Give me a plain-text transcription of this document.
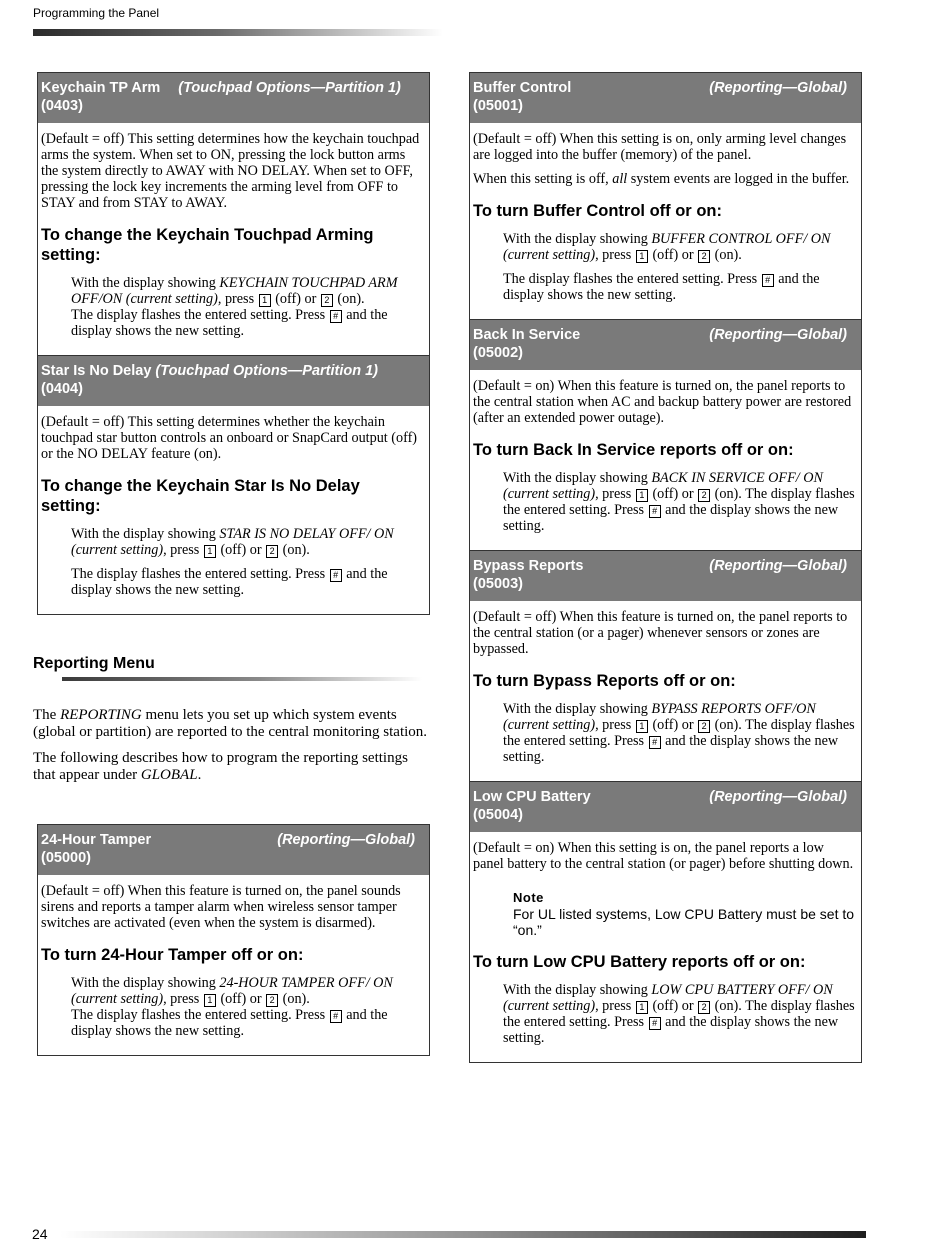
Programming the Panel
Keychain TP Arm (Touchpad Options—Partition 1)
(0403)

(Default = off) This setting determines how the keychain touchpad arms the system. When set to ON, pressing the lock button arms the system directly to AWAY with NO DELAY. When set to OFF, pressing the lock key increments the arming level from OFF to STAY and from STAY to AWAY.

To change the Keychain Touchpad Arming setting:

With the display showing KEYCHAIN TOUCHPAD ARM OFF/ON (current setting), press 1 (off) or 2 (on).

The display flashes the entered setting. Press # and the display shows the new setting.

Star Is No Delay (Touchpad Options—Partition 1)
(0404)

(Default = off) This setting determines whether the keychain touchpad star button controls an onboard or SnapCard output (off) or the NO DELAY feature (on).

To change the Keychain Star Is No Delay setting:

With the display showing STAR IS NO DELAY OFF/ ON (current setting), press 1 (off) or 2 (on).

The display flashes the entered setting. Press # and the display shows the new setting.

Reporting Menu

The REPORTING menu lets you set up which system events (global or partition) are reported to the central monitoring station.

The following describes how to program the reporting settings that appear under GLOBAL.

24-Hour Tamper	(Reporting—Global)
(05000)

(Default = off) When this feature is turned on, the panel sounds sirens and reports a tamper alarm when wireless sensor tamper switches are activated (even when the system is disarmed).

To turn 24-Hour Tamper off or on:

With the display showing 24-HOUR TAMPER OFF/ ON (current setting), press 1 (off) or 2 (on).

The display flashes the entered setting. Press # and the display shows the new setting.

Buffer Control	(Reporting—Global)
(05001)

(Default = off) When this setting is on, only arming level changes are logged into the buffer (memory) of the panel.

When this setting is off, all system events are logged in the buffer.

To turn Buffer Control off or on:

With the display showing BUFFER CONTROL OFF/ ON (current setting), press 1 (off) or 2 (on).

The display flashes the entered setting. Press # and the display shows the new setting.

Back In Service	(Reporting—Global)
(05002)

(Default = on) When this feature is turned on, the panel reports to the central station when AC and backup battery power are restored (after an extended power outage).

To turn Back In Service reports off or on:

With the display showing BACK IN SERVICE OFF/ ON (current setting), press 1 (off) or 2 (on). The display flashes the entered setting. Press # and the display shows the new setting.

Bypass Reports	(Reporting—Global)
(05003)

(Default = off) When this feature is turned on, the panel reports to the central station (or a pager) whenever sensors or zones are bypassed.

To turn Bypass Reports off or on:

With the display showing BYPASS REPORTS OFF/ON (current setting), press 1 (off) or 2 (on). The display flashes the entered setting. Press # and the display shows the new setting.

Low CPU Battery	(Reporting—Global)
(05004)

(Default = on) When this setting is on, the panel reports a low panel battery to the central station (or pager) before shutting down.

Note
For UL listed systems, Low CPU Battery must be set to “on.”
To turn Low CPU Battery reports off or on:

With the display showing LOW CPU BATTERY OFF/ ON (current setting), press 1 (off) or 2 (on). The display flashes the entered setting. Press # and the display shows the new setting.

24
